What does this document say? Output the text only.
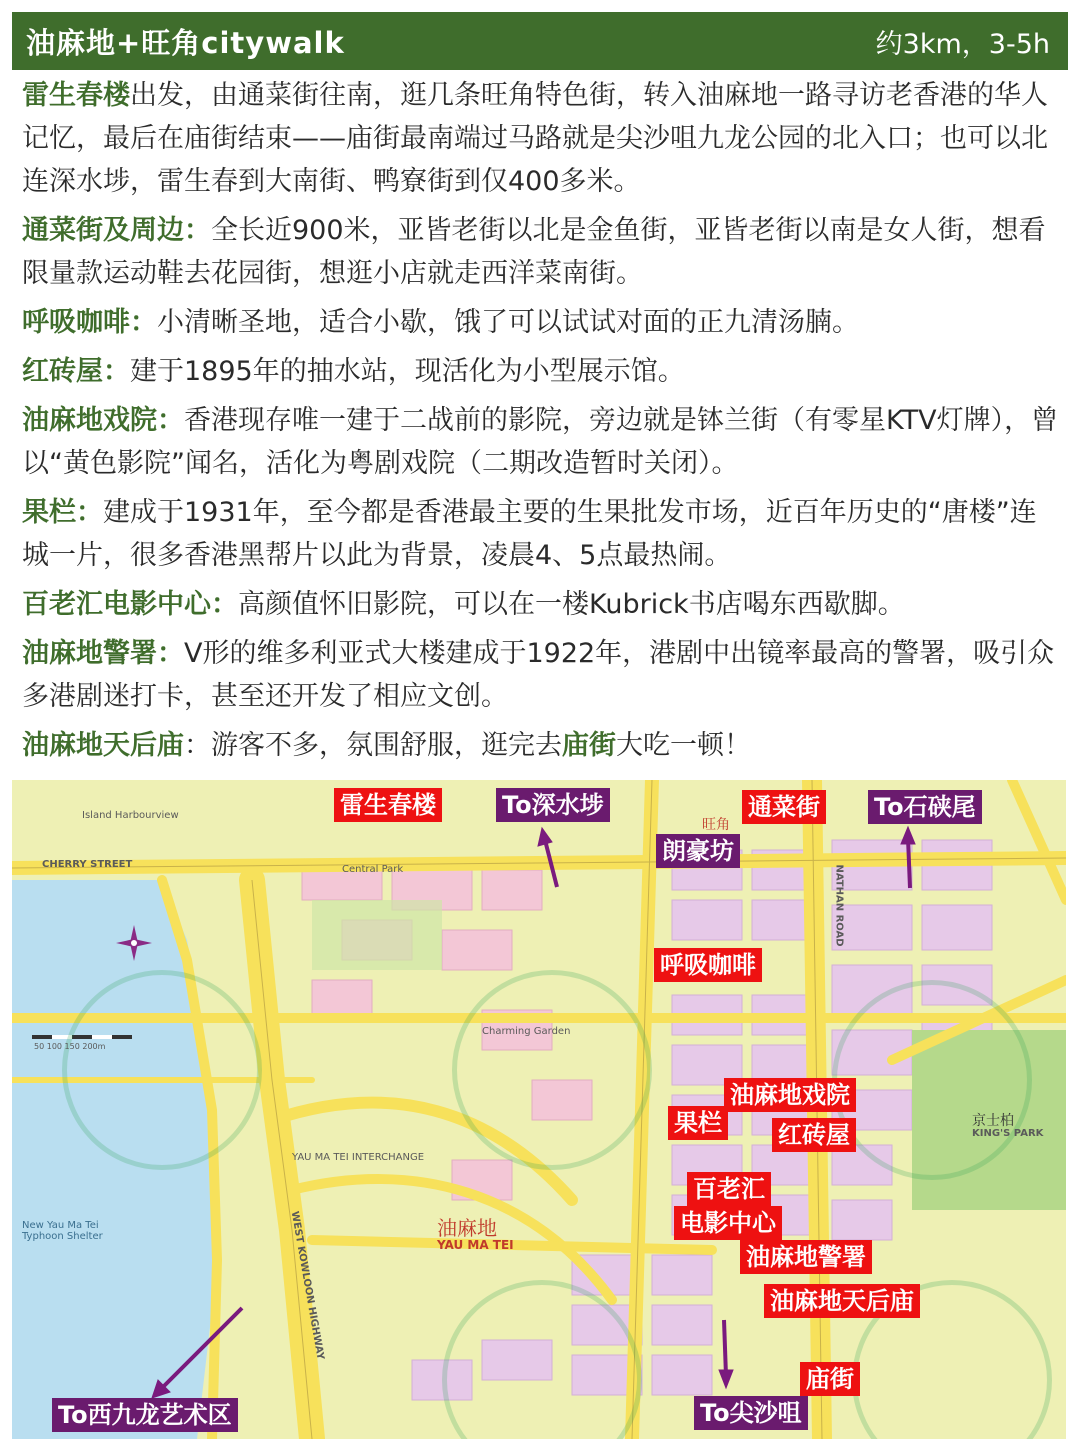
油麻地+旺角citywalk	约3km，3-5h

雷生春楼出发，由通菜街往南，逛几条旺角特色街，转入油麻地一路寻访老香港的华人记忆，最后在庙街结束——庙街最南端过马路就是尖沙咀九龙公园的北入口；也可以北连深水埗，雷生春到大南街、鸭寮街到仅400多米。

通菜街及周边：全长近900米，亚皆老街以北是金鱼街，亚皆老街以南是女人街，想看限量款运动鞋去花园街，想逛小店就走西洋菜南街。

呼吸咖啡：小清晰圣地，适合小歇，饿了可以试试对面的正九清汤腩。

红砖屋：建于1895年的抽水站，现活化为小型展示馆。

油麻地戏院：香港现存唯一建于二战前的影院，旁边就是钵兰街（有零星KTV灯牌），曾以“黄色影院”闻名，活化为粤剧戏院（二期改造暂时关闭）。

果栏：建成于1931年，至今都是香港最主要的生果批发市场，近百年历史的“唐楼”连城一片，很多香港黑帮片以此为背景，凌晨4、5点最热闹。

百老汇电影中心：高颜值怀旧影院，可以在一楼Kubrick书店喝东西歇脚。

油麻地警署：V形的维多利亚式大楼建成于1922年，港剧中出镜率最高的警署，吸引众多港剧迷打卡，甚至还开发了相应文创。

油麻地天后庙：游客不多，氛围舒服，逛完去庙街大吃一顿！

Island Harbourview
CHERRY STREET	Central Park
Charming Garden
50 100 150 200m
旺角
NATHAN ROAD
京士柏
KING'S PARK
YAU MA TEI INTERCHANGE
New Yau Ma Tei Typhoon Shelter	油麻地
YAU MA TEI
WEST KOWLOON HIGHWAY
雷生春楼	To深水埗	通菜街 To石硖尾
朗豪坊
呼吸咖啡
油麻地戏院
果栏 红砖屋
百老汇
电影中心
油麻地警署
油麻地天后庙
庙街
To西九龙艺术区	To尖沙咀
